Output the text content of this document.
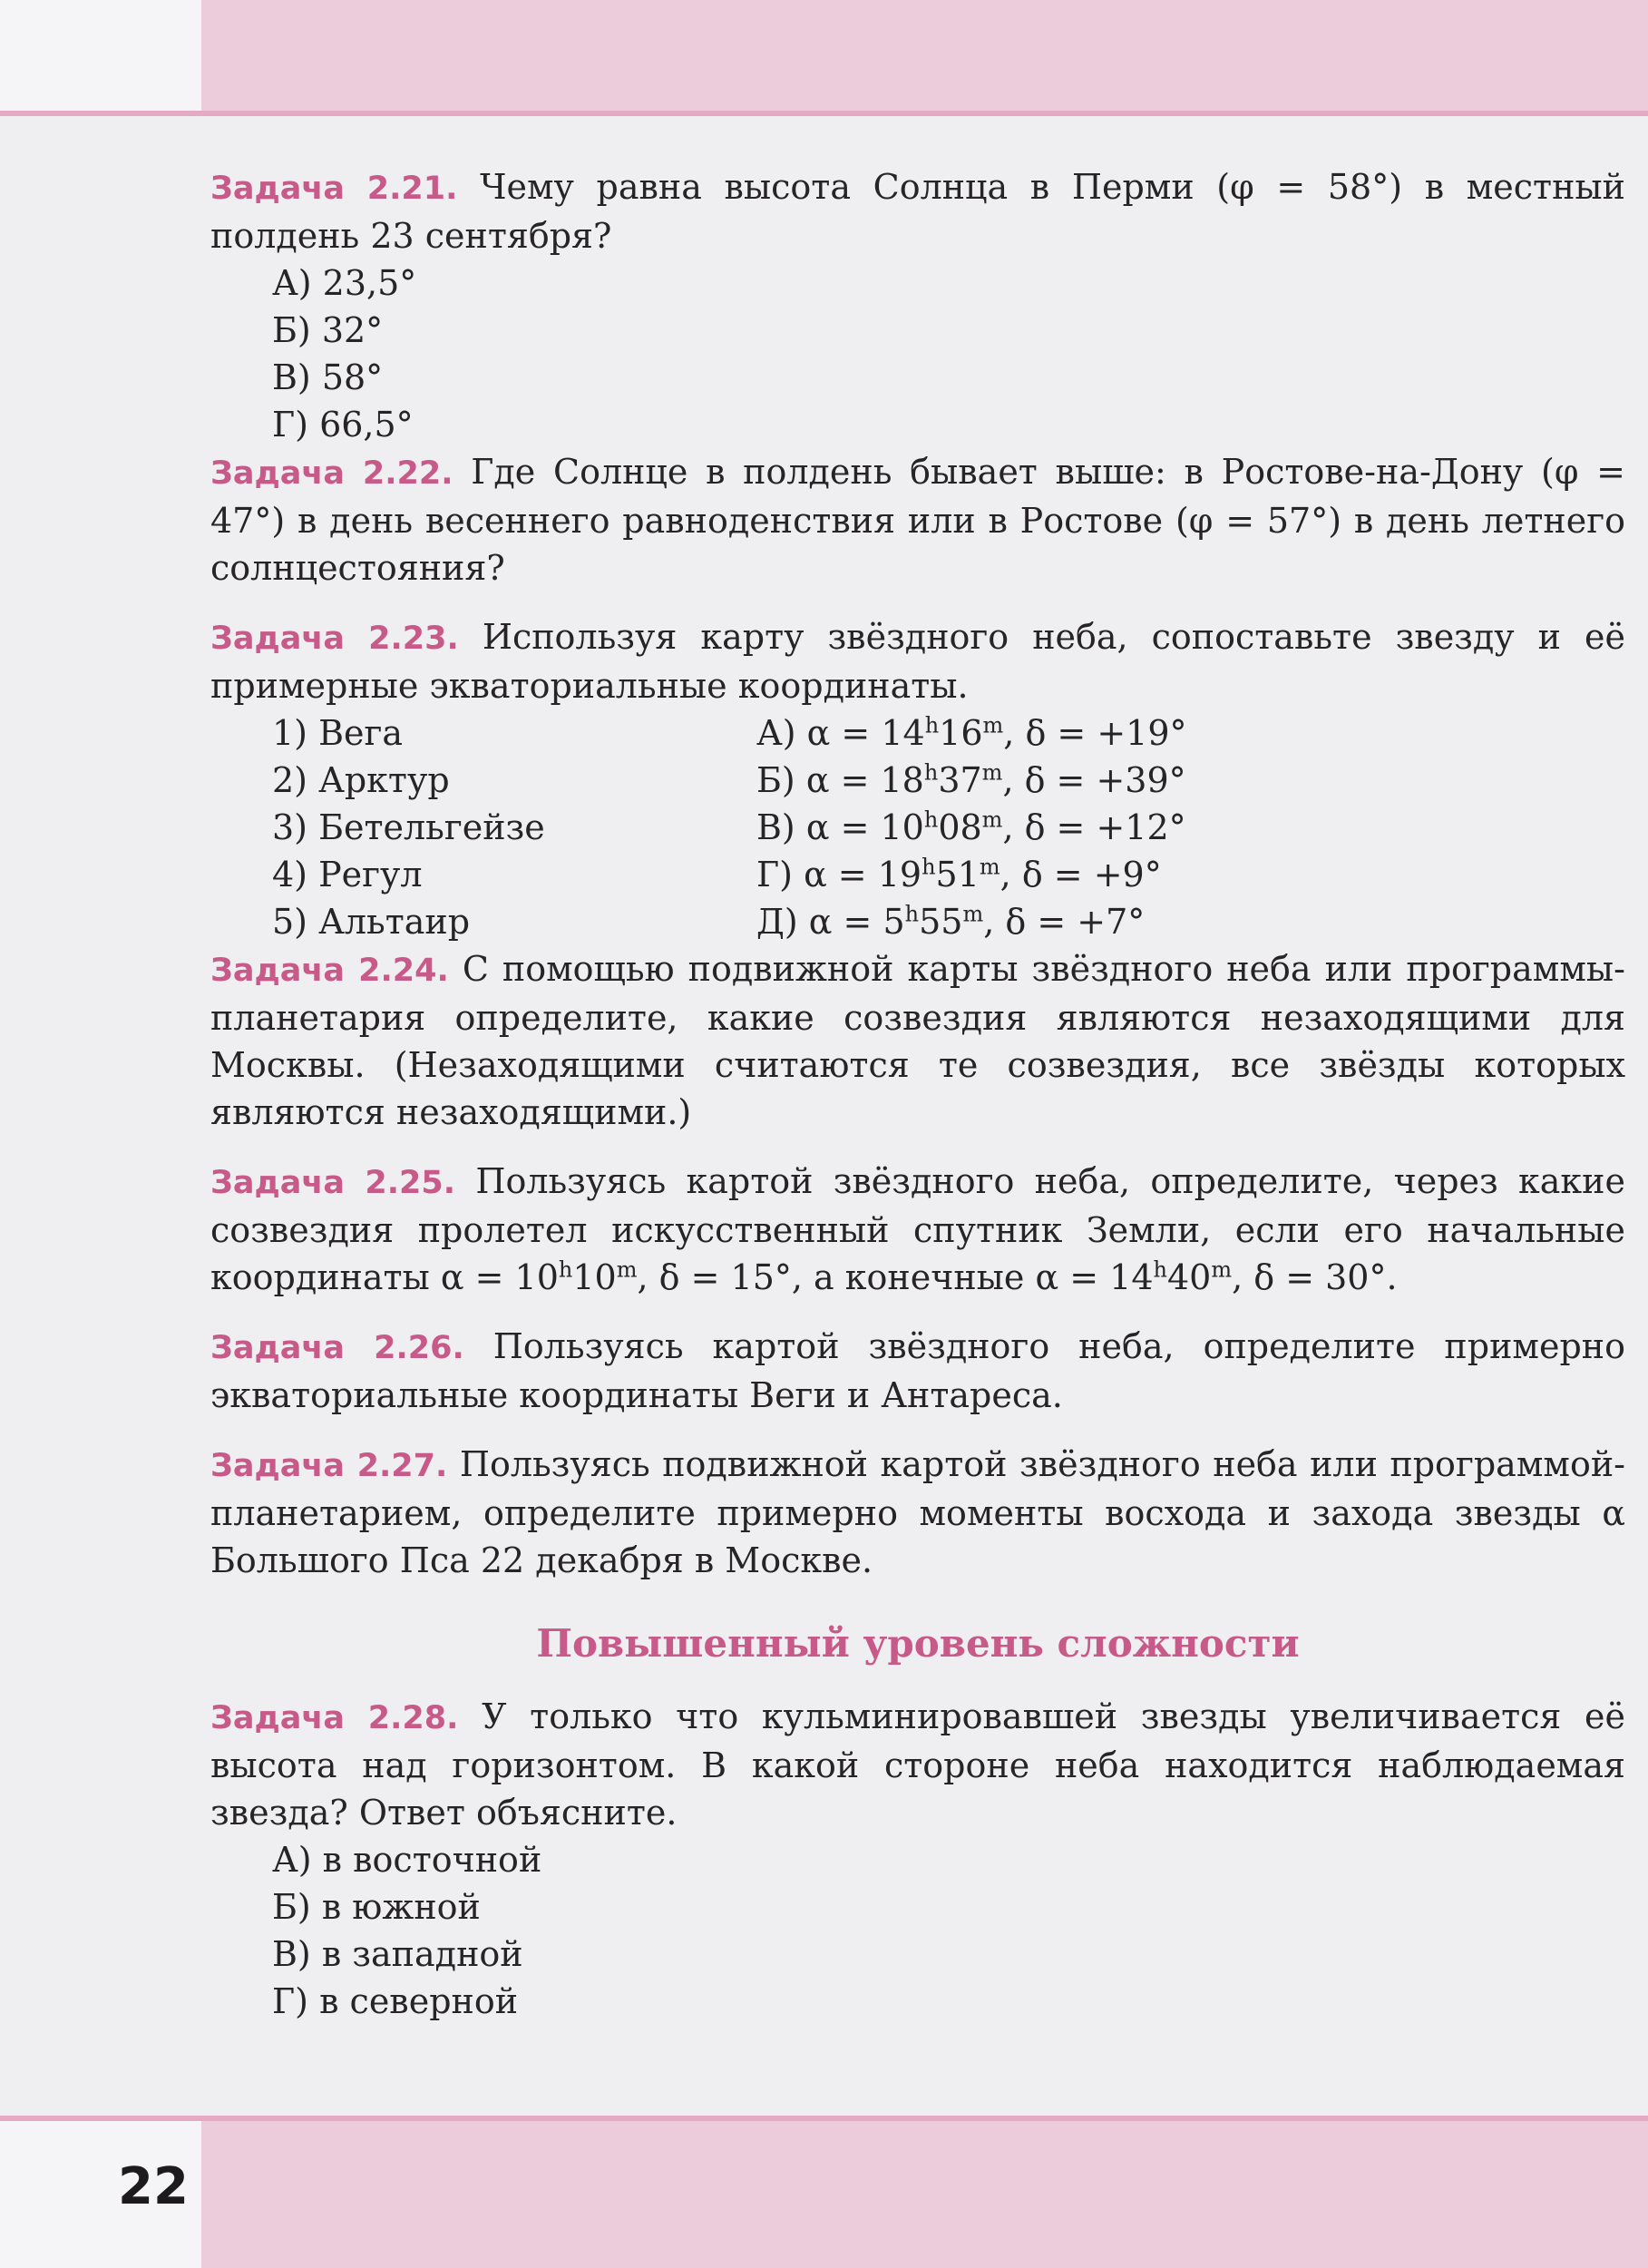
Задача 2.21. Чему равна высота Солнца в Перми (φ = 58°) в местный полдень 23 сентября?

А) 23,5°
Б) 32°
В) 58°
Г) 66,5°

Задача 2.22. Где Солнце в полдень бывает выше: в Ростове-на-Дону (φ = 47°) в день весеннего равноденствия или в Ростове (φ = 57°) в день летнего солнцестояния?

Задача 2.23. Используя карту звёздного неба, сопоставьте звезду и её примерные экваториальные координаты.

1) Вега
2) Арктур
3) Бетельгейзе
4) Регул
5) Альтаир
А) $\alpha = 14^h16^m$, δ = +19°
Б) $\alpha = 18^h37^m$, δ = +39°
В) $\alpha = 10^h08^m$, δ = +12°
Г) $\alpha = 19^h51^m$, δ = +9°
Д) $\alpha = 5^h55^m$, δ = +7°

Задача 2.24. С помощью подвижной карты звёздного неба или программы-планетария определите, какие созвездия являются незаходящими для Москвы. (Незаходящими считаются те созвездия, все звёзды которых являются незаходящими.)

Задача 2.25. Пользуясь картой звёздного неба, определите, через какие созвездия пролетел искусственный спутник Земли, если его начальные координаты $\alpha = 10^h10^m$, δ = 15°, а конечные $\alpha = 14^h40^m$, δ = 30°.

Задача 2.26. Пользуясь картой звёздного неба, определите примерно экваториальные координаты Веги и Антареса.

Задача 2.27. Пользуясь подвижной картой звёздного неба или программой-планетарием, определите примерно моменты восхода и захода звезды α Большого Пса 22 декабря в Москве.

Повышенный уровень сложности

Задача 2.28. У только что кульминировавшей звезды увеличивается её высота над горизонтом. В какой стороне неба находится наблюдаемая звезда? Ответ объясните.

А) в восточной
Б) в южной
В) в западной
Г) в северной
22
